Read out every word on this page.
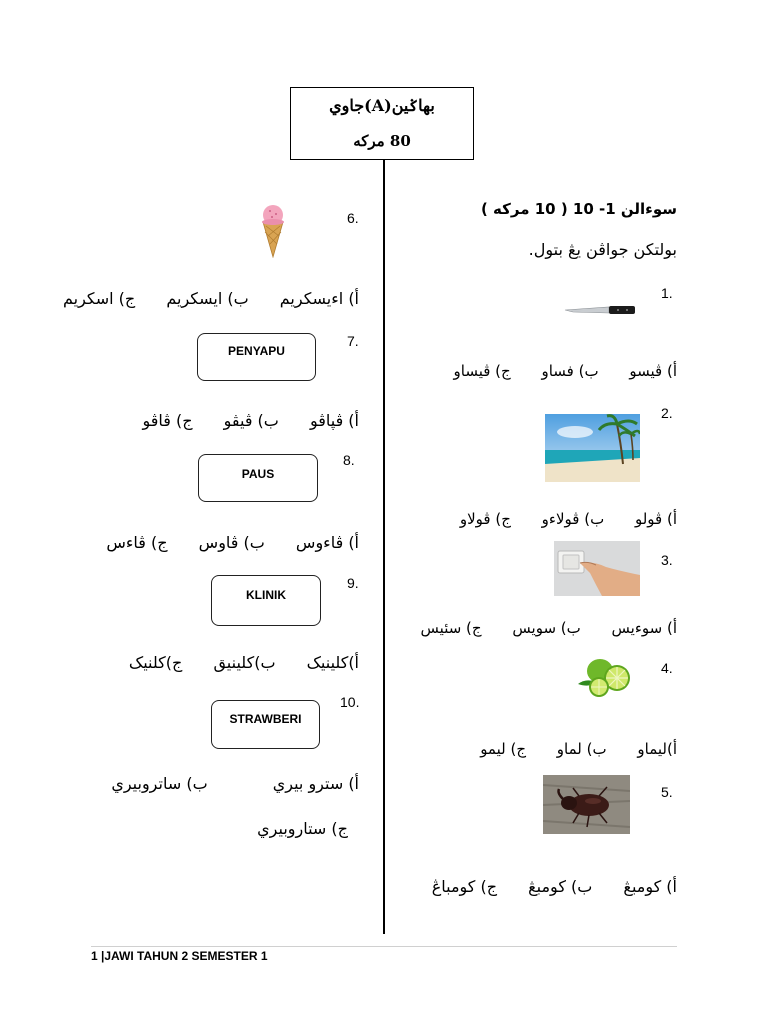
بهاݢين(A)جاوي
80 مركه
سوءالن 1- 10 ( 10 مركه )
بولتكن جواڤن يڠ بتول.
1.
أ) ڤيسو ب) فساو ج) ڤيساو
2.
أ) ڤولو ب) ڤولاءو ج) ڤولاو
3.
أ) سوءيس ب) سويس ج) سئيس
4.
أ)ليماو ب) لماو ج) ليمو
5.
أ) کومبڠ ب) کومبڠ ج) کومباڠ
6.
أ) اءيسكريم ب) ايسكريم ج) اسكريم
7.
PENYAPU
أ) ڤڽاڤو ب) ڤيڤو ج) ڤاڤو
8.
PAUS
أ) ڤاءوس ب) ڤاوس ج) ڤاءس
9.
KLINIK
أ)كلينيک ب)كلينيق ج)كلنيک
10.
STRAWBERI
أ) سترو بيري ب) ساتروبيري
ج) ستاروبيري
1 |JAWI TAHUN 2 SEMESTER 1
